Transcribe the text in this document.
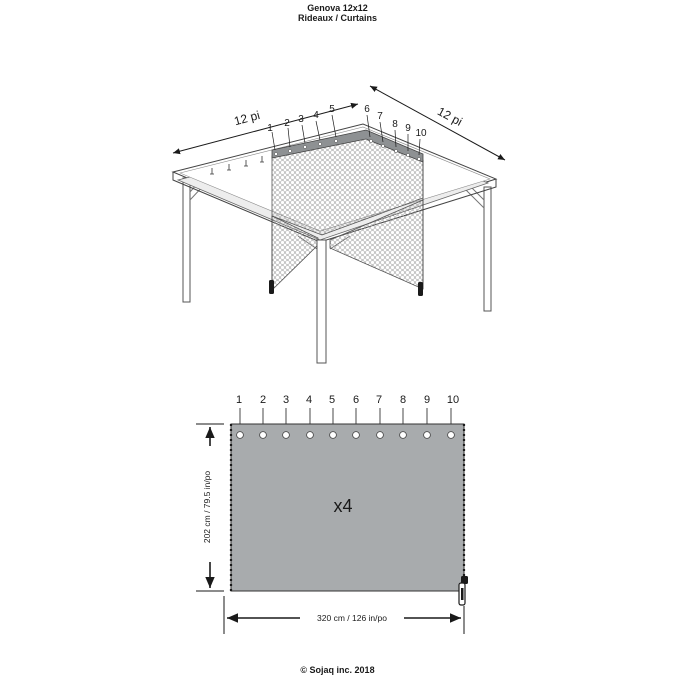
Genova 12x12
Rideaux / Curtains
12 pi	12 pi
1 2 3 4
5	6
7
8 9 10
1 2 3 4 5 6 7 8 9 10
x4
202 cm / 79.5 in/po
320 cm / 126 in/po
© Sojaq inc. 2018
